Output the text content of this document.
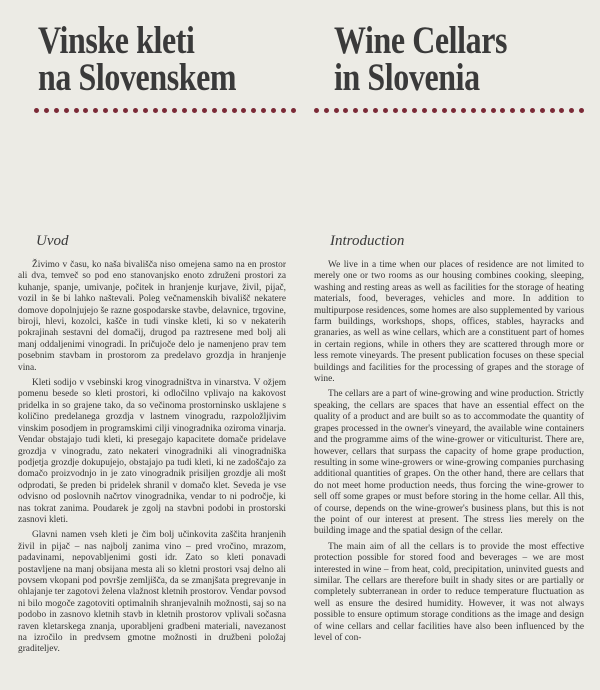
Vinske kleti
na Slovenskem
Uvod

Živimo v času, ko naša bivališča niso omejena samo na en prostor ali dva, temveč so pod eno stanovanjsko enoto združeni prostori za kuhanje, spanje, umivanje, počitek in hranjenje kurjave, živil, pijač, vozil in še bi lahko naštevali. Poleg večnamenskih bivališč nekatere domove dopolnjujejo še razne gospodarske stavbe, delavnice, trgovine, biroji, hlevi, kozolci, kašče in tudi vinske kleti, ki so v nekaterih pokrajinah sestavni del domačij, drugod pa raztresene med bolj ali manj oddaljenimi vinogradi. In pričujoče delo je namenjeno prav tem posebnim stavbam in prostorom za predelavo grozdja in hranjenje vina.

Kleti sodijo v vsebinski krog vinogradništva in vinarstva. V ožjem pomenu besede so kleti prostori, ki odločilno vplivajo na kakovost pridelka in so grajene tako, da so večinoma prostorninsko usklajene s količino predelanega grozdja v lastnem vinogradu, razpoložljivim vinskim posodjem in programskimi cilji vinogradnika oziroma vinarja. Vendar obstajajo tudi kleti, ki presegajo kapacitete domače pridelave grozdja v vinogradu, zato nekateri vinogradniki ali vinogradniška podjetja grozdje dokupujejo, obstajajo pa tudi kleti, ki ne zadoščajo za domačo proizvodnjo in je zato vinogradnik prisiljen grozdje ali mošt odprodati, še preden bi pridelek shranil v domačo klet. Seveda je vse odvisno od poslovnih načrtov vinogradnika, vendar to ni področje, ki nas tokrat zanima. Poudarek je zgolj na stavbni podobi in prostorski zasnovi kleti.

Glavni namen vseh kleti je čim bolj učinkovita zaščita hranjenih živil in pijač – nas najbolj zanima vino – pred vročino, mrazom, padavinami, nepovabljenimi gosti idr. Zato so kleti ponavadi postavljene na manj obsijana mesta ali so kletni prostori vsaj delno ali povsem vkopani pod površje zemljišča, da se zmanjšata pregrevanje in ohlajanje ter zagotovi želena vlažnost kletnih prostorov. Vendar povsod ni bilo mogoče zagotoviti optimalnih shranjevalnih možnosti, saj so na podobo in zasnovo kletnih stavb in kletnih prostorov vplivali sočasna raven kletarskega znanja, uporabljeni gradbeni materiali, navezanost na izročilo in predvsem gmotne možnosti in družbeni položaj graditeljev.

Wine Cellars
in Slovenia
Introduction

We live in a time when our places of residence are not limited to merely one or two rooms as our housing combines cooking, sleeping, washing and resting areas as well as facilities for the storage of heating materials, food, beverages, vehicles and more. In addition to multipurpose residences, some homes are also supplemented by various farm buildings, workshops, shops, offices, stables, hayracks and granaries, as well as wine cellars, which are a constituent part of homes in certain regions, while in others they are scattered through more or less remote vineyards. The present publication focuses on these special buildings and facilities for the processing of grapes and the storage of wine.

The cellars are a part of wine-growing and wine production. Strictly speaking, the cellars are spaces that have an essential effect on the quality of a product and are built so as to accommodate the quantity of grapes processed in the owner's vineyard, the available wine containers and the programme aims of the wine-grower or viticulturist. There are, however, cellars that surpass the capacity of home grape production, resulting in some wine-growers or wine-growing companies purchasing additional quantities of grapes. On the other hand, there are cellars that do not meet home production needs, thus forcing the wine-grower to sell off some grapes or must before storing in the home cellar. All this, of course, depends on the wine-grower's business plans, but this is not the point of our interest at present. The stress lies merely on the building image and the spatial design of the cellar.

The main aim of all the cellars is to provide the most effective protection possible for stored food and beverages – we are most interested in wine – from heat, cold, precipitation, uninvited guests and similar. The cellars are therefore built in shady sites or are partially or completely subterranean in order to reduce temperature fluctuation as well as ensure the desired humidity. However, it was not always possible to ensure optimum storage conditions as the image and design of wine cellars and cellar facilities have also been influenced by the level of con-
